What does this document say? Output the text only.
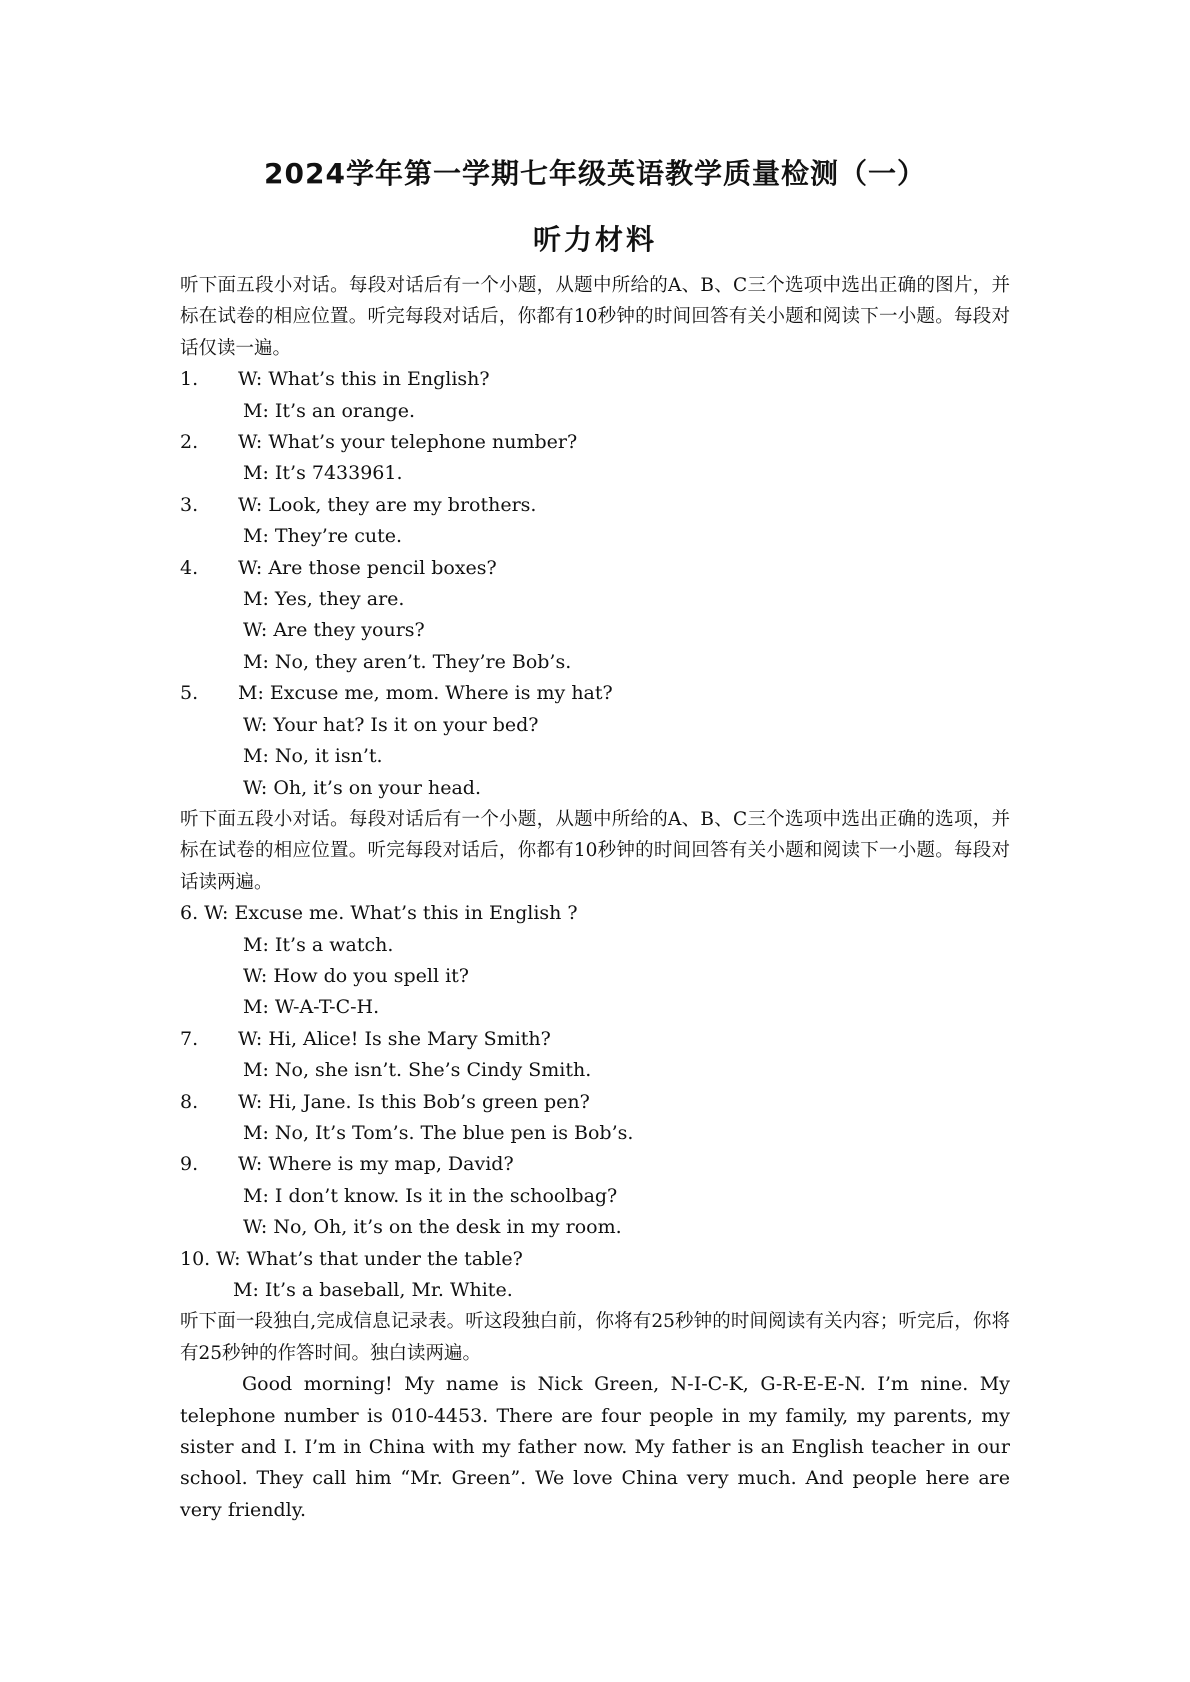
2024学年第一学期七年级英语教学质量检测（一）
听力材料
听下面五段小对话。每段对话后有一个小题，从题中所给的A、B、C三个选项中选出正确的图片，并标在试卷的相应位置。听完每段对话后，你都有10秒钟的时间回答有关小题和阅读下一小题。每段对话仅读一遍。
1.	W: What’s this in English?
M: It’s an orange.
2.	W: What’s your telephone number?
M: It’s 7433961.
3.	W: Look, they are my brothers.
M: They’re cute.
4.	W: Are those pencil boxes?
M: Yes, they are.
W: Are they yours?
M: No, they aren’t. They’re Bob’s.
5.	M: Excuse me, mom. Where is my hat?
W: Your hat? Is it on your bed?
M: No, it isn’t.
W: Oh, it’s on your head.
听下面五段小对话。每段对话后有一个小题，从题中所给的A、B、C三个选项中选出正确的选项，并标在试卷的相应位置。听完每段对话后，你都有10秒钟的时间回答有关小题和阅读下一小题。每段对话读两遍。
6. W: Excuse me. What’s this in English ?
M: It’s a watch.
W: How do you spell it?
M: W-A-T-C-H.
7.	W: Hi, Alice! Is she Mary Smith?
M: No, she isn’t. She’s Cindy Smith.
8.	W: Hi, Jane. Is this Bob’s green pen?
M: No, It’s Tom’s. The blue pen is Bob’s.
9.	W: Where is my map, David?
M: I don’t know. Is it in the schoolbag?
W: No, Oh, it’s on the desk in my room.
10. W: What’s that under the table?
M: It’s a baseball, Mr. White.
听下面一段独白,完成信息记录表。听这段独白前，你将有25秒钟的时间阅读有关内容；听完后，你将有25秒钟的作答时间。独白读两遍。
Good morning! My name is Nick Green, N-I-C-K, G-R-E-E-N. I’m nine. My telephone number is 010-4453. There are four people in my family, my parents, my sister and I. I’m in China with my father now. My father is an English teacher in our school. They call him “Mr. Green”. We love China very much. And people here are very friendly.
